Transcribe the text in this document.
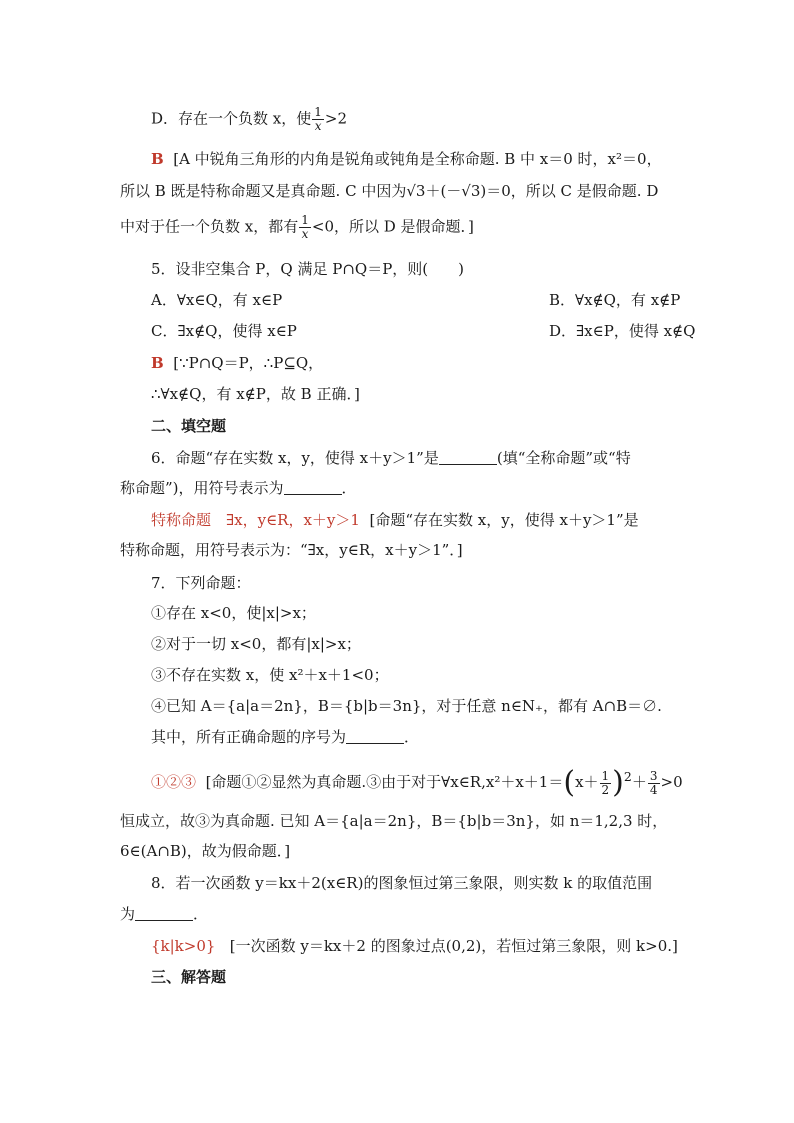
D．存在一个负数 x，使 $\frac{1}{x} >2$
B [A 中锐角三角形的内角是锐角或钝角是全称命题. B 中 x＝0 时，x²＝0，
所以 B 既是特称命题又是真命题. C 中因为√3＋(－√3)＝0，所以 C 是假命题. D
中对于任一个负数 x，都有 $\frac{1}{x} <0$，所以 D 是假命题．]
5．设非空集合 P，Q 满足 P∩Q＝P，则(　　)
A．∀x∈Q，有 x∈P	B．∀x∉Q，有 x∉P
C．∃x∉Q，使得 x∈P	D．∃x∈P，使得 x∉Q
B [∵P∩Q＝P，∴P⊆Q，
∴∀x∉Q，有 x∉P，故 B 正确．]
二、填空题
6．命题“存在实数 x，y，使得 x＋y＞1”是	(填“全称命题”或“特
称命题”)，用符号表示为	．
特称命题　∃x，y∈R，x＋y＞1 [命题“存在实数 x，y，使得 x＋y＞1”是
特称命题，用符号表示为：“∃x，y∈R，x＋y＞1”．]
7．下列命题：
①存在 x<0，使|x|>x；
②对于一切 x<0，都有|x|>x；
③不存在实数 x，使 x²＋x＋1<0；
④已知 A＝{a|a＝2n}，B＝{b|b＝3n}，对于任意 n∈N₊，都有 A∩B＝∅.
其中，所有正确命题的序号为	．
①②③ [命题①②显然为真命题.③由于对于∀x∈R,x²＋x＋1＝(x＋ $\frac{1}{2} )^2+ \frac{3}{4} >0$
恒成立，故③为真命题. 已知 A＝{a|a＝2n}，B＝{b|b＝3n}，如 n＝1,2,3 时，
6∈(A∩B)，故为假命题．]
8．若一次函数 y＝kx＋2(x∈R)的图象恒过第三象限，则实数 k 的取值范围
为	．
{k|k>0} [一次函数 y＝kx＋2 的图象过点(0,2)，若恒过第三象限，则 k>0.]
三、解答题
